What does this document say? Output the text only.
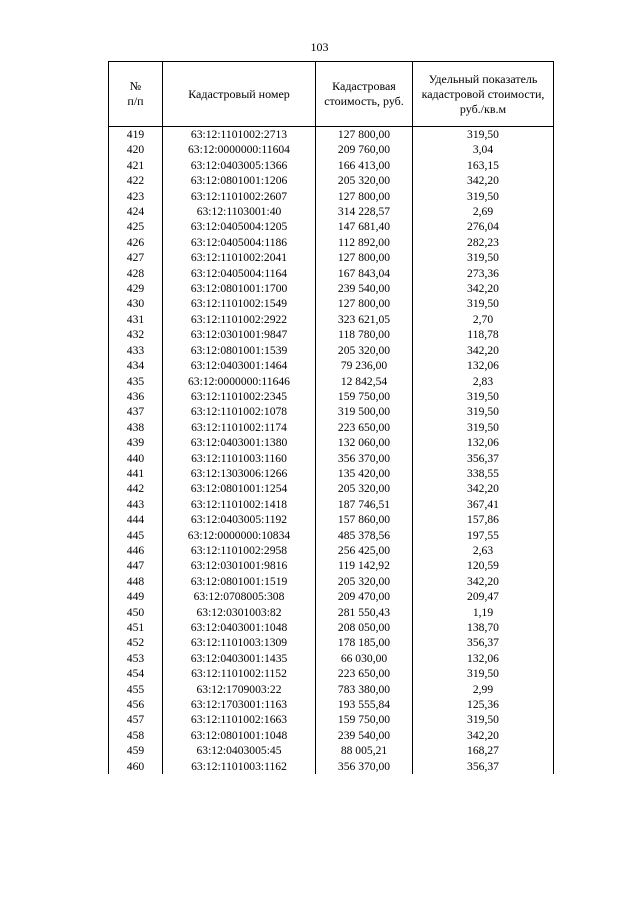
103
№
п/п	Кадастровый номер	Кадастровая стоимость, руб.	Удельный показатель кадастровой стоимости, руб./кв.м
419	63:12:1101002:2713	127 800,00	319,50
420	63:12:0000000:11604	209 760,00	3,04
421	63:12:0403005:1366	166 413,00	163,15
422	63:12:0801001:1206	205 320,00	342,20
423	63:12:1101002:2607	127 800,00	319,50
424	63:12:1103001:40	314 228,57	2,69
425	63:12:0405004:1205	147 681,40	276,04
426	63:12:0405004:1186	112 892,00	282,23
427	63:12:1101002:2041	127 800,00	319,50
428	63:12:0405004:1164	167 843,04	273,36
429	63:12:0801001:1700	239 540,00	342,20
430	63:12:1101002:1549	127 800,00	319,50
431	63:12:1101002:2922	323 621,05	2,70
432	63:12:0301001:9847	118 780,00	118,78
433	63:12:0801001:1539	205 320,00	342,20
434	63:12:0403001:1464	79 236,00	132,06
435	63:12:0000000:11646	12 842,54	2,83
436	63:12:1101002:2345	159 750,00	319,50
437	63:12:1101002:1078	319 500,00	319,50
438	63:12:1101002:1174	223 650,00	319,50
439	63:12:0403001:1380	132 060,00	132,06
440	63:12:1101003:1160	356 370,00	356,37
441	63:12:1303006:1266	135 420,00	338,55
442	63:12:0801001:1254	205 320,00	342,20
443	63:12:1101002:1418	187 746,51	367,41
444	63:12:0403005:1192	157 860,00	157,86
445	63:12:0000000:10834	485 378,56	197,55
446	63:12:1101002:2958	256 425,00	2,63
447	63:12:0301001:9816	119 142,92	120,59
448	63:12:0801001:1519	205 320,00	342,20
449	63:12:0708005:308	209 470,00	209,47
450	63:12:0301003:82	281 550,43	1,19
451	63:12:0403001:1048	208 050,00	138,70
452	63:12:1101003:1309	178 185,00	356,37
453	63:12:0403001:1435	66 030,00	132,06
454	63:12:1101002:1152	223 650,00	319,50
455	63:12:1709003:22	783 380,00	2,99
456	63:12:1703001:1163	193 555,84	125,36
457	63:12:1101002:1663	159 750,00	319,50
458	63:12:0801001:1048	239 540,00	342,20
459	63:12:0403005:45	88 005,21	168,27
460	63:12:1101003:1162	356 370,00	356,37
